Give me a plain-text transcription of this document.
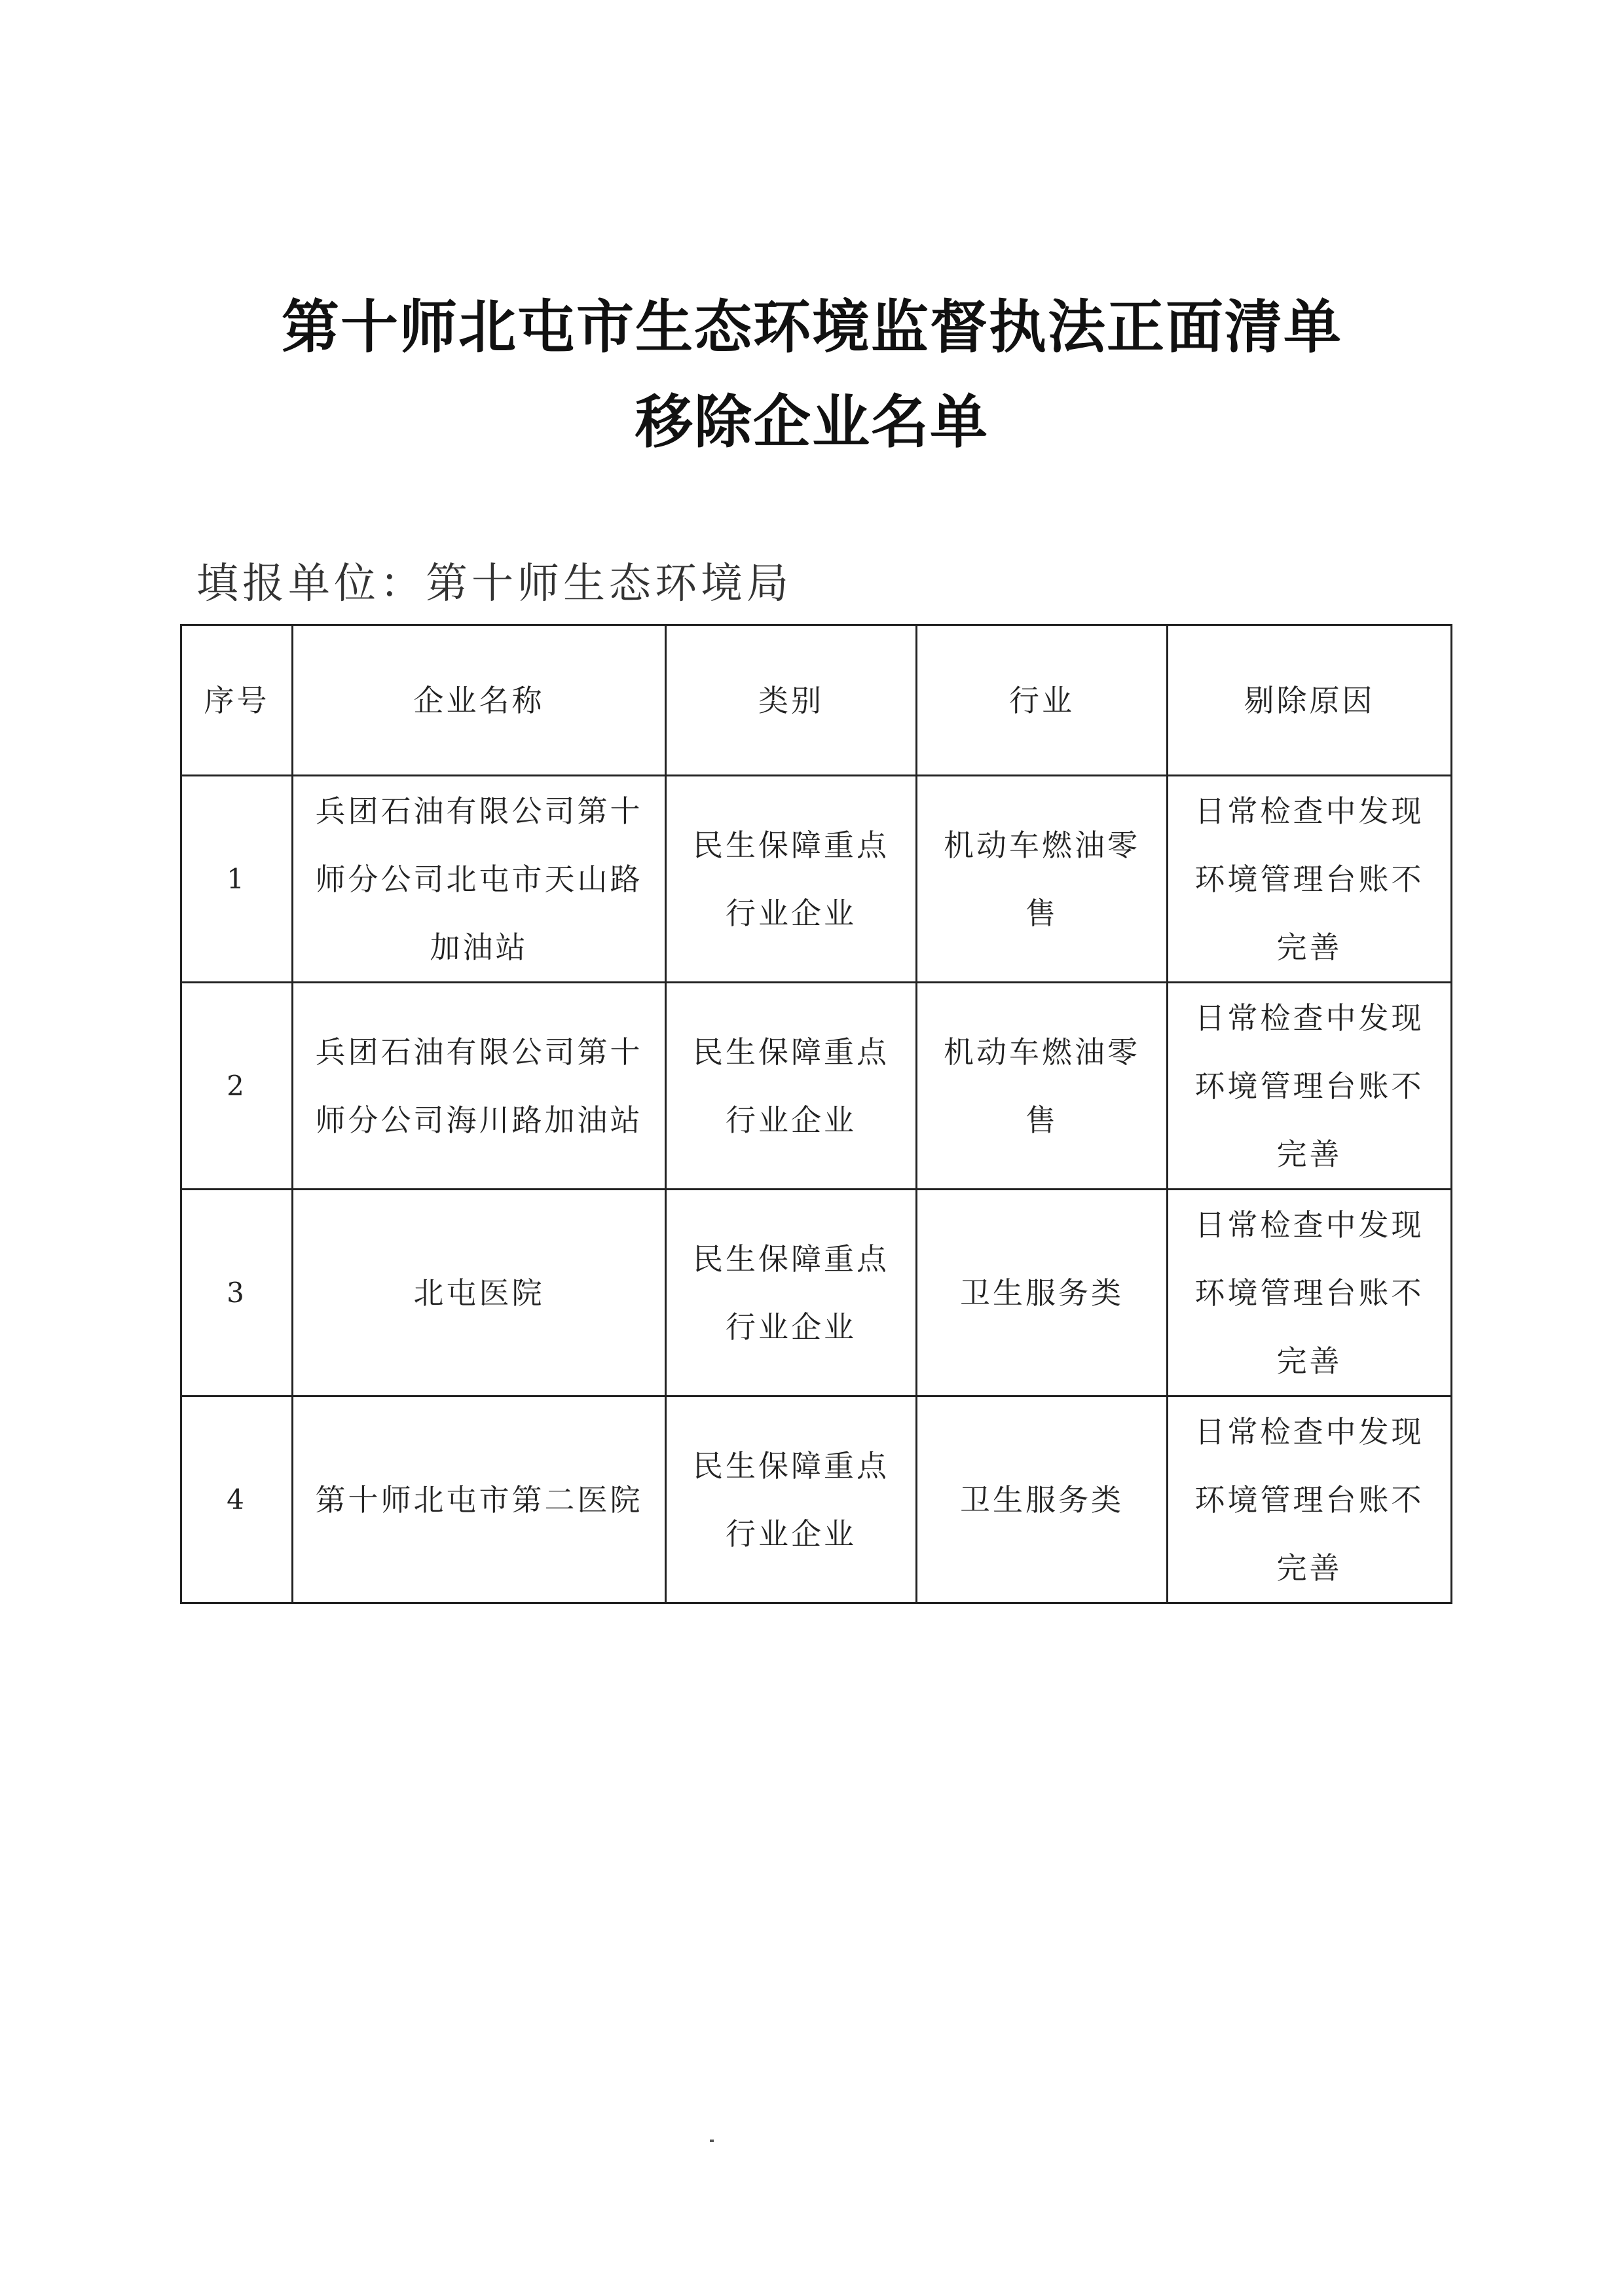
第十师北屯市生态环境监督执法正面清单
移除企业名单
填报单位：第十师生态环境局
序号	企业名称	类别	行业	剔除原因
1	兵团石油有限公司第十师分公司北屯市天山路加油站	民生保障重点行业企业	机动车燃油零售	日常检查中发现环境管理台账不完善
2	兵团石油有限公司第十师分公司海川路加油站	民生保障重点行业企业	机动车燃油零售	日常检查中发现环境管理台账不完善
3	北屯医院	民生保障重点行业企业	卫生服务类	日常检查中发现环境管理台账不完善
4	第十师北屯市第二医院	民生保障重点行业企业	卫生服务类	日常检查中发现环境管理台账不完善
